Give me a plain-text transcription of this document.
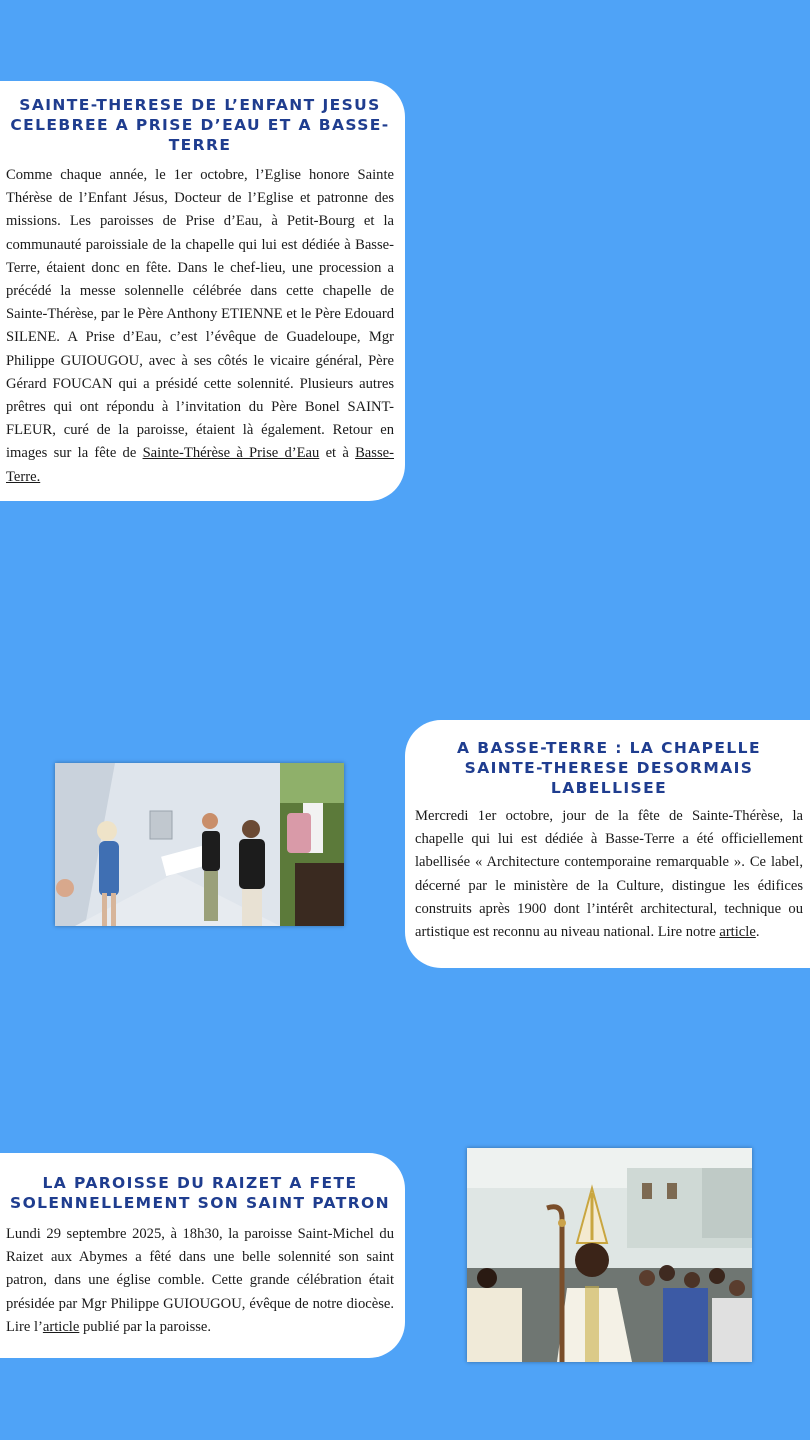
SAINTE-THERESE DE L’ENFANT JESUS CELEBREE A PRISE D’EAU ET A BASSE-TERRE

Comme chaque année, le 1er octobre, l’Eglise honore Sainte Thérèse de l’Enfant Jésus, Docteur de l’Eglise et patronne des missions. Les paroisses de Prise d’Eau, à Petit-Bourg et la communauté paroissiale de la chapelle qui lui est dédiée à Basse-Terre, étaient donc en fête. Dans le chef-lieu, une procession a précédé la messe solennelle célébrée dans cette chapelle de Sainte-Thérèse, par le Père Anthony ETIENNE et le Père Edouard SILENE. A Prise d’Eau, c’est l’évêque de Guadeloupe, Mgr Philippe GUIOUGOU, avec à ses côtés le vicaire général, Père Gérard FOUCAN qui a présidé cette solennité. Plusieurs autres prêtres qui ont répondu à l’invitation du Père Bonel SAINT-FLEUR, curé de la paroisse, étaient là également. Retour en images sur la fête de Sainte-Thérèse à Prise d’Eau et à Basse-Terre.

A BASSE-TERRE : LA CHAPELLE SAINTE-THERESE DESORMAIS LABELLISEE

Mercredi 1er octobre, jour de la fête de Sainte-Thérèse, la chapelle qui lui est dédiée à Basse-Terre a été officiellement labellisée « Architecture contemporaine remarquable ». Ce label, décerné par le ministère de la Culture, distingue les édifices construits après 1900 dont l’intérêt architectural, technique ou artistique est reconnu au niveau national. Lire notre article.

LA PAROISSE DU RAIZET A FETE SOLENNELLEMENT SON SAINT PATRON

Lundi 29 septembre 2025, à 18h30, la paroisse Saint-Michel du Raizet aux Abymes a fêté dans une belle solennité son saint patron, dans une église comble. Cette grande célébration était présidée par Mgr Philippe GUIOUGOU, évêque de notre diocèse. Lire l’article publié par la paroisse.
